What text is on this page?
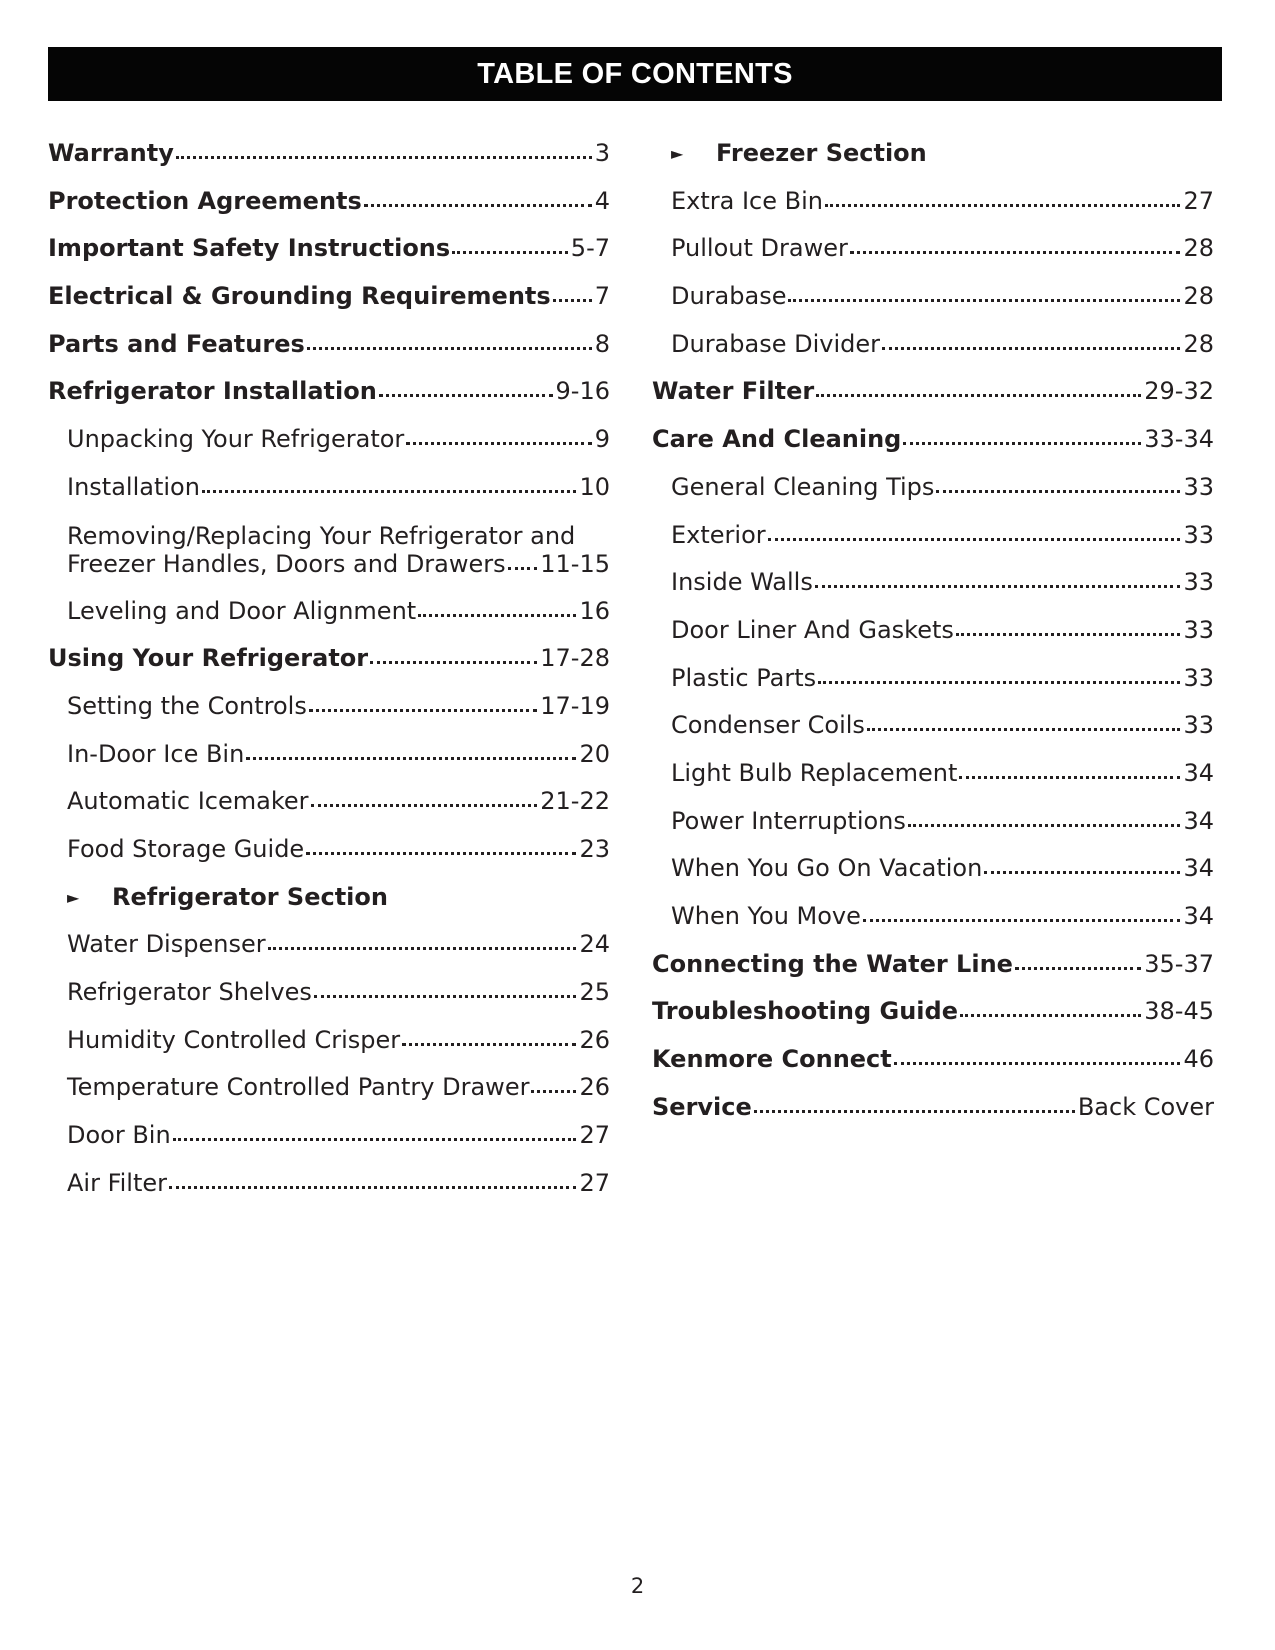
TABLE OF CONTENTS
Warranty	3
Protection Agreements	4
Important Safety Instructions	5-7
Electrical & Grounding Requirements 7
Parts and Features	8
Refrigerator Installation	9-16
Unpacking Your Refrigerator	9
Installation	10
Removing/Replacing Your Refrigerator and
Freezer Handles, Doors and Drawers 11-15
Leveling and Door Alignment	16
Using Your Refrigerator	17-28
Setting the Controls	17-19
In-Door Ice Bin	20
Automatic Icemaker	21-22
Food Storage Guide	23
►	Refrigerator Section
Water Dispenser	24
Refrigerator Shelves	25
Humidity Controlled Crisper	26
Temperature Controlled Pantry Drawer 26
Door Bin	27
Air Filter	27
►	Freezer Section
Extra Ice Bin	27
Pullout Drawer	28
Durabase	28
Durabase Divider	28
Water Filter	29-32
Care And Cleaning	33-34
General Cleaning Tips	33
Exterior	33
Inside Walls	33
Door Liner And Gaskets	33
Plastic Parts	33
Condenser Coils	33
Light Bulb Replacement	34
Power Interruptions	34
When You Go On Vacation	34
When You Move	34
Connecting the Water Line	35-37
Troubleshooting Guide	38-45
Kenmore Connect	46
Service	Back Cover
2
